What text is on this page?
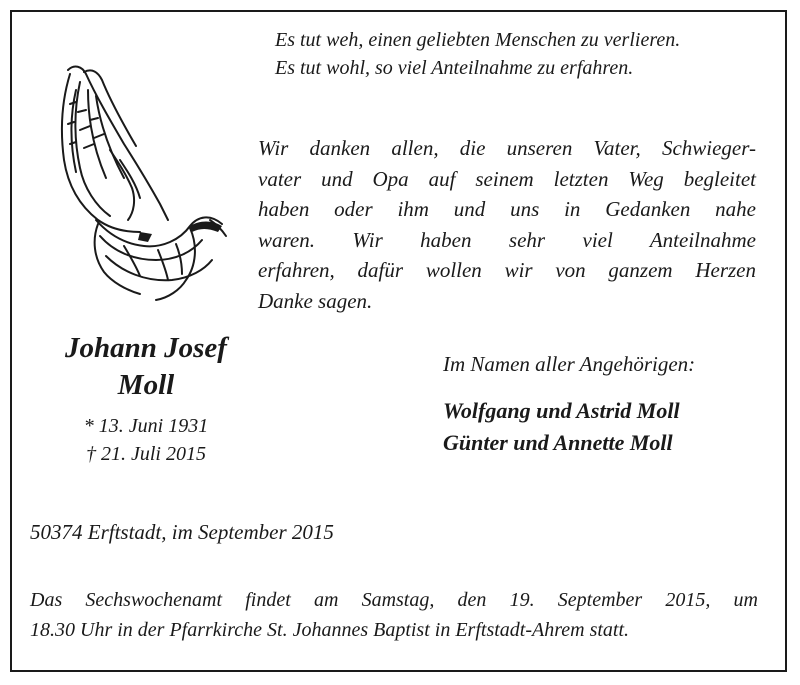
Es tut weh, einen geliebten Menschen zu verlieren.
Es tut wohl, so viel Anteilnahme zu erfahren.

Wir danken allen, die unseren Vater, Schwieger-
vater und Opa auf seinem letzten Weg begleitet
haben oder ihm und uns in Gedanken nahe
waren. Wir haben sehr viel Anteilnahme
erfahren, dafür wollen wir von ganzem Herzen
Danke sagen.

Johann Josef
Moll
* 13. Juni 1931
† 21. Juli 2015
Im Namen aller Angehörigen:
Wolfgang und Astrid Moll
Günter und Annette Moll
50374 Erftstadt, im September 2015
Das Sechswochenamt findet am Samstag, den 19. September 2015, um
18.30 Uhr in der Pfarrkirche St. Johannes Baptist in Erftstadt-Ahrem statt.
